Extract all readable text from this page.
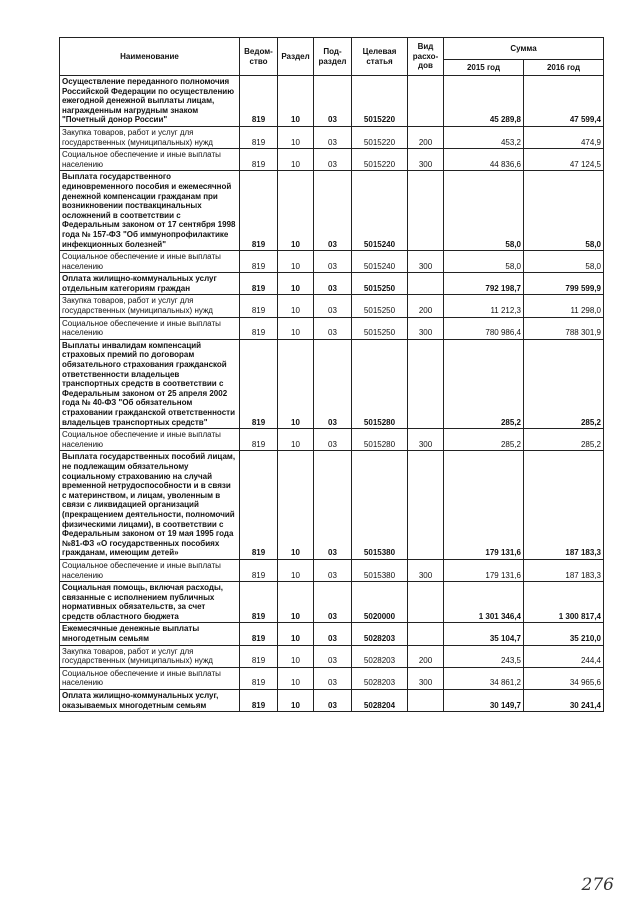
Наименование	Ведом-ство	Раздел	Под-раздел	Целевая статья	Вид расхо-дов	Сумма	
						2015 год	2016 год
Осуществление переданного полномочия Российской Федерации по осуществлению ежегодной денежной выплаты лицам, награжденным нагрудным знаком "Почетный донор России"	819	10	03	5015220		45 289,8	47 599,4
Закупка товаров, работ и услуг для государственных (муниципальных) нужд	819	10	03	5015220	200	453,2	474,9
Социальное обеспечение и иные выплаты населению	819	10	03	5015220	300	44 836,6	47 124,5
Выплата государственного единовременного пособия и ежемесячной денежной компенсации гражданам при возникновении поствакцинальных осложнений в соответствии с Федеральным законом от 17 сентября 1998 года № 157-ФЗ "Об иммунопрофилактике инфекционных болезней"	819	10	03	5015240		58,0	58,0
Социальное обеспечение и иные выплаты населению	819	10	03	5015240	300	58,0	58,0
Оплата жилищно-коммунальных услуг отдельным категориям граждан	819	10	03	5015250		792 198,7	799 599,9
Закупка товаров, работ и услуг для государственных (муниципальных) нужд	819	10	03	5015250	200	11 212,3	11 298,0
Социальное обеспечение и иные выплаты населению	819	10	03	5015250	300	780 986,4	788 301,9
Выплаты инвалидам компенсаций страховых премий по договорам обязательного страхования гражданской ответственности владельцев транспортных средств в соответствии с Федеральным законом от 25 апреля 2002 года № 40-ФЗ "Об обязательном страховании гражданской ответственности владельцев транспортных средств"	819	10	03	5015280		285,2	285,2
Социальное обеспечение и иные выплаты населению	819	10	03	5015280	300	285,2	285,2
Выплата государственных пособий лицам, не подлежащим обязательному социальному страхованию на случай временной нетрудоспособности и в связи с материнством, и лицам, уволенным в связи с ликвидацией организаций (прекращением деятельности, полномочий физическими лицами), в соответствии с Федеральным законом от 19 мая 1995 года №81-ФЗ «О государственных пособиях гражданам, имеющим детей»	819	10	03	5015380		179 131,6	187 183,3
Социальное обеспечение и иные выплаты населению	819	10	03	5015380	300	179 131,6	187 183,3
Социальная помощь, включая расходы, связанные с исполнением публичных нормативных обязательств, за счет средств областного бюджета	819	10	03	5020000		1 301 346,4	1 300 817,4
Ежемесячные денежные выплаты многодетным семьям	819	10	03	5028203		35 104,7	35 210,0
Закупка товаров, работ и услуг для государственных (муниципальных) нужд	819	10	03	5028203	200	243,5	244,4
Социальное обеспечение и иные выплаты населению	819	10	03	5028203	300	34 861,2	34 965,6
Оплата жилищно-коммунальных услуг, оказываемых многодетным семьям	819	10	03	5028204		30 149,7	30 241,4
276
